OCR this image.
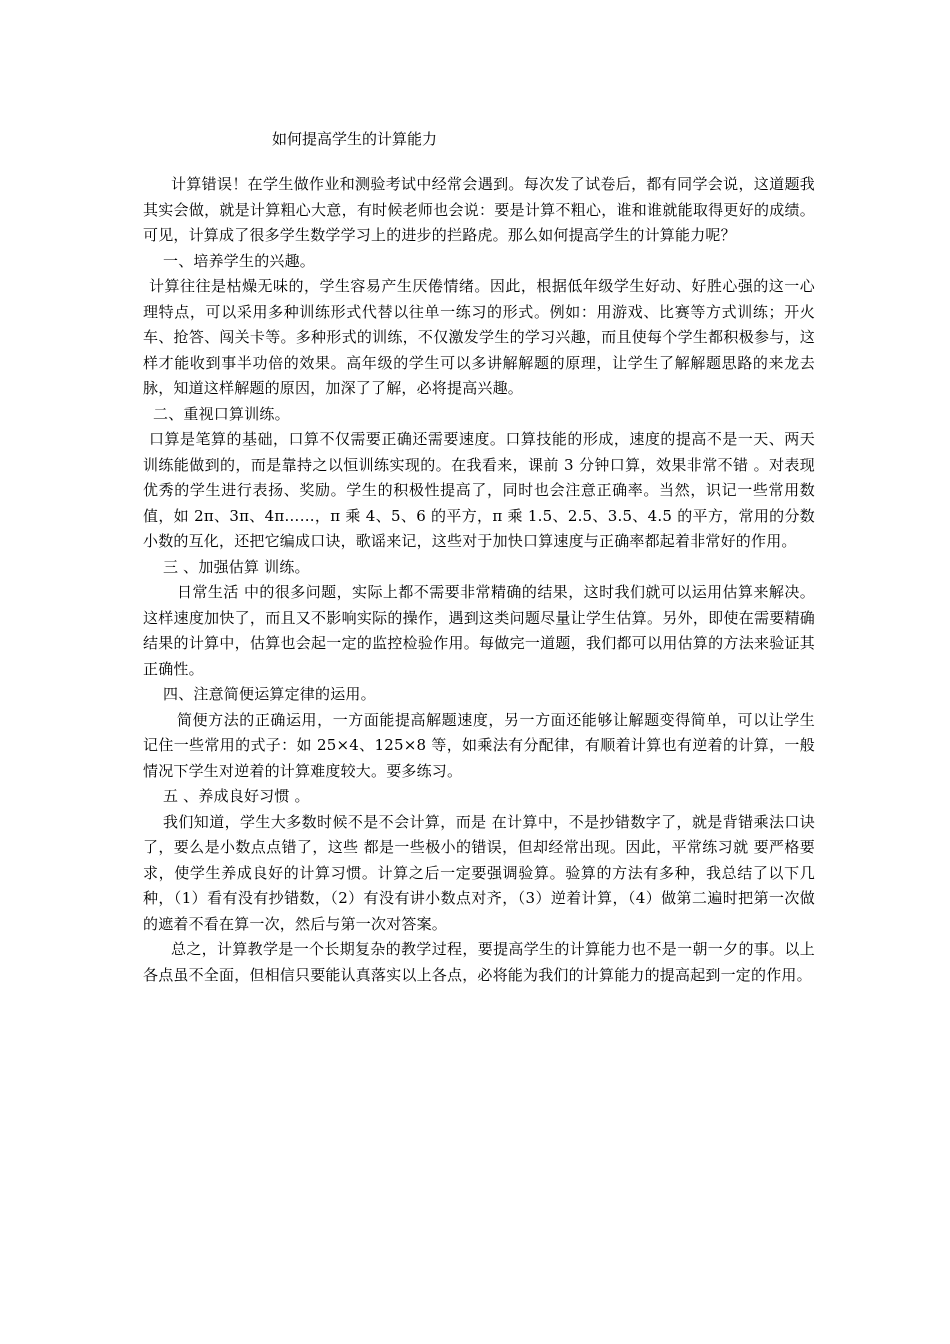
如何提高学生的计算能力

计算错误！在学生做作业和测验考试中经常会遇到。每次发了试卷后，都有同学会说，这道题我其实会做，就是计算粗心大意，有时候老师也会说：要是计算不粗心，谁和谁就能取得更好的成绩。可见，计算成了很多学生数学学习上的进步的拦路虎。那么如何提高学生的计算能力呢？

一、培养学生的兴趣。

计算往往是枯燥无味的，学生容易产生厌倦情绪。因此，根据低年级学生好动、好胜心强的这一心理特点，可以采用多种训练形式代替以往单一练习的形式。例如：用游戏、比赛等方式训练；开火车、抢答、闯关卡等。多种形式的训练，不仅激发学生的学习兴趣，而且使每个学生都积极参与，这样才能收到事半功倍的效果。高年级的学生可以多讲解解题的原理，让学生了解解题思路的来龙去脉，知道这样解题的原因，加深了了解，必将提高兴趣。

二、重视口算训练。

口算是笔算的基础，口算不仅需要正确还需要速度。口算技能的形成，速度的提高不是一天、两天训练能做到的，而是靠持之以恒训练实现的。在我看来，课前 3 分钟口算，效果非常不错 。对表现优秀的学生进行表扬、奖励。学生的积极性提高了，同时也会注意正确率。当然，识记一些常用数值，如 2π、3π、4π……，π 乘 4、5、6 的平方，π 乘 1.5、2.5、3.5、4.5 的平方，常用的分数小数的互化，还把它编成口诀，歌谣来记，这些对于加快口算速度与正确率都起着非常好的作用。

三 、加强估算 训练。

日常生活 中的很多问题，实际上都不需要非常精确的结果，这时我们就可以运用估算来解决。这样速度加快了，而且又不影响实际的操作，遇到这类问题尽量让学生估算。另外，即使在需要精确结果的计算中，估算也会起一定的监控检验作用。每做完一道题，我们都可以用估算的方法来验证其正确性。

四、注意简便运算定律的运用。

简便方法的正确运用，一方面能提高解题速度，另一方面还能够让解题变得简单，可以让学生记住一些常用的式子：如 25×4、125×8 等，如乘法有分配律，有顺着计算也有逆着的计算，一般情况下学生对逆着的计算难度较大。要多练习。

五 、养成良好习惯 。

我们知道，学生大多数时候不是不会计算，而是 在计算中，不是抄错数字了，就是背错乘法口诀了，要么是小数点点错了，这些 都是一些极小的错误，但却经常出现。因此，平常练习就 要严格要求，使学生养成良好的计算习惯。计算之后一定要强调验算。验算的方法有多种，我总结了以下几种，（1）看有没有抄错数，（2）有没有讲小数点对齐，（3）逆着计算，（4）做第二遍时把第一次做的遮着不看在算一次，然后与第一次对答案。

总之，计算教学是一个长期复杂的教学过程，要提高学生的计算能力也不是一朝一夕的事。以上各点虽不全面，但相信只要能认真落实以上各点，必将能为我们的计算能力的提高起到一定的作用。
